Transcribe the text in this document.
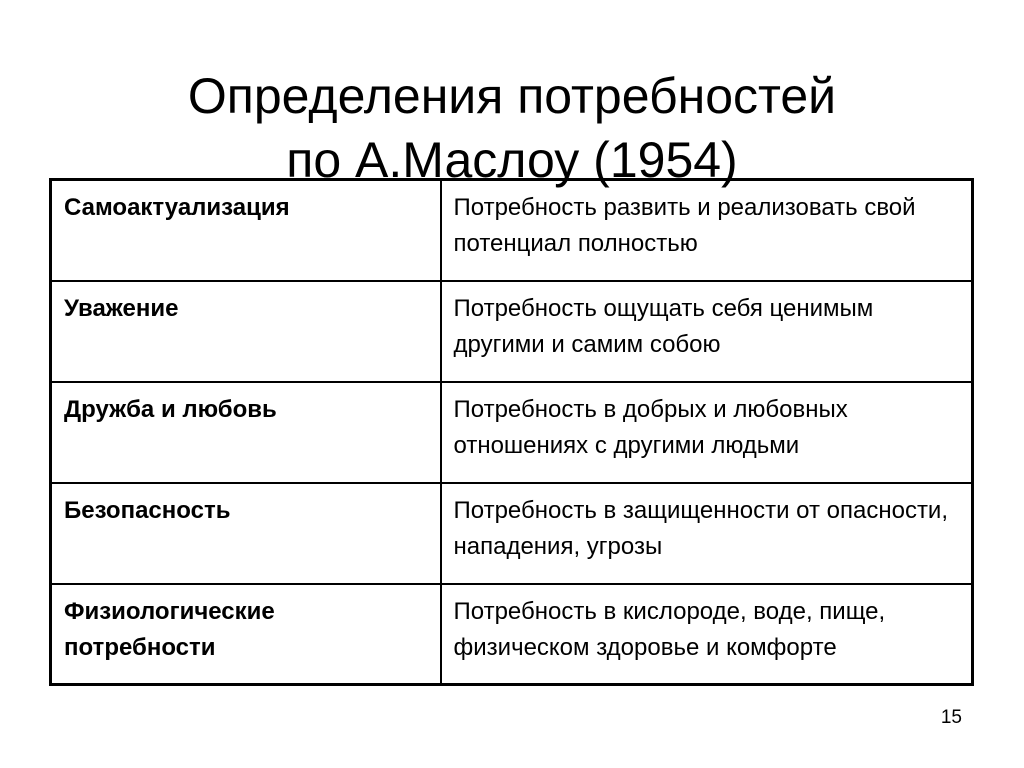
Определения потребностей
по А.Маслоу (1954)
Самоактуализация	Потребность развить и реализовать свой потенциал полностью
Уважение	Потребность ощущать себя ценимым другими и самим собою
Дружба и любовь	Потребность в добрых и любовных отношениях с другими людьми
Безопасность	Потребность в защищенности от опасности, нападения, угрозы
Физиологические потребности	Потребность в кислороде, воде, пище, физическом здоровье и комфорте
15
